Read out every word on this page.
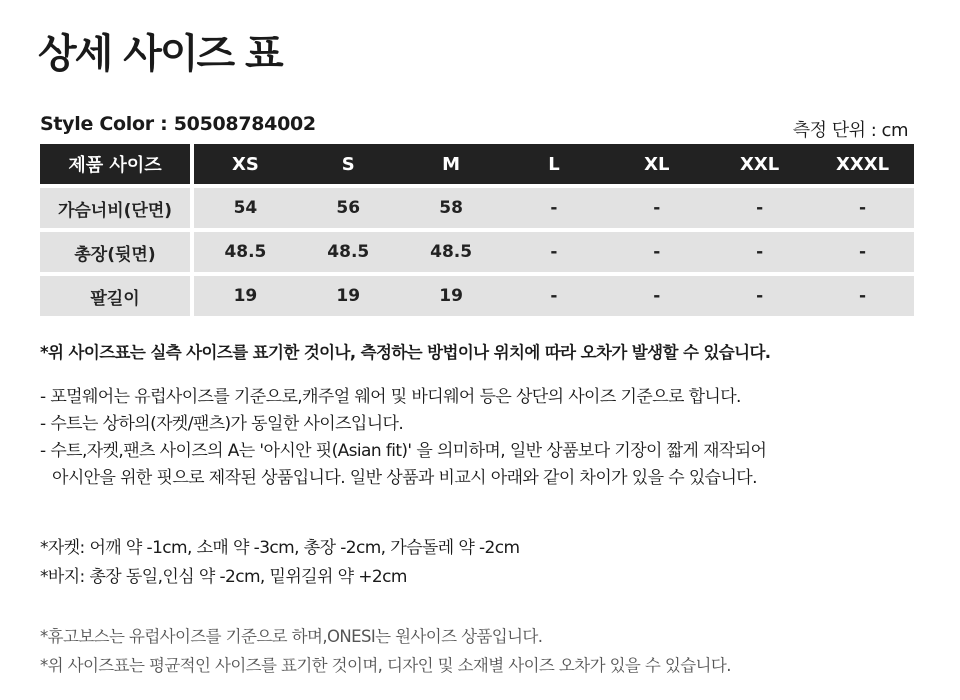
상세 사이즈 표
Style Color : 50508784002	측정 단위 : cm
제품 사이즈	XS	S	M	L	XL	XXL	XXXL
가슴너비(단면)	54	56	58	-	-	-	-
총장(뒷면)	48.5	48.5	48.5	-	-	-	-
팔길이	19	19	19	-	-	-	-
*위 사이즈표는 실측 사이즈를 표기한 것이나, 측정하는 방법이나 위치에 따라 오차가 발생할 수 있습니다.
- 포멀웨어는 유럽사이즈를 기준으로,캐주얼 웨어 및 바디웨어 등은 상단의 사이즈 기준으로 합니다.
- 수트는 상하의(자켓/팬츠)가 동일한 사이즈입니다.
- 수트,자켓,팬츠 사이즈의 A는 '아시안 핏(Asian fit)' 을 의미하며, 일반 상품보다 기장이 짧게 재작되어
아시안을 위한 핏으로 제작된 상품입니다. 일반 상품과 비교시 아래와 같이 차이가 있을 수 있습니다.
*자켓: 어깨 약 -1cm, 소매 약 -3cm, 총장 -2cm, 가슴돌레 약 -2cm
*바지: 총장 동일,인심 약 -2cm, 밑위길위 약 +2cm
*휴고보스는 유럽사이즈를 기준으로 하며,ONESI는 원사이즈 상품입니다.
*위 사이즈표는 평균적인 사이즈를 표기한 것이며, 디자인 및 소재별 사이즈 오차가 있을 수 있습니다.
